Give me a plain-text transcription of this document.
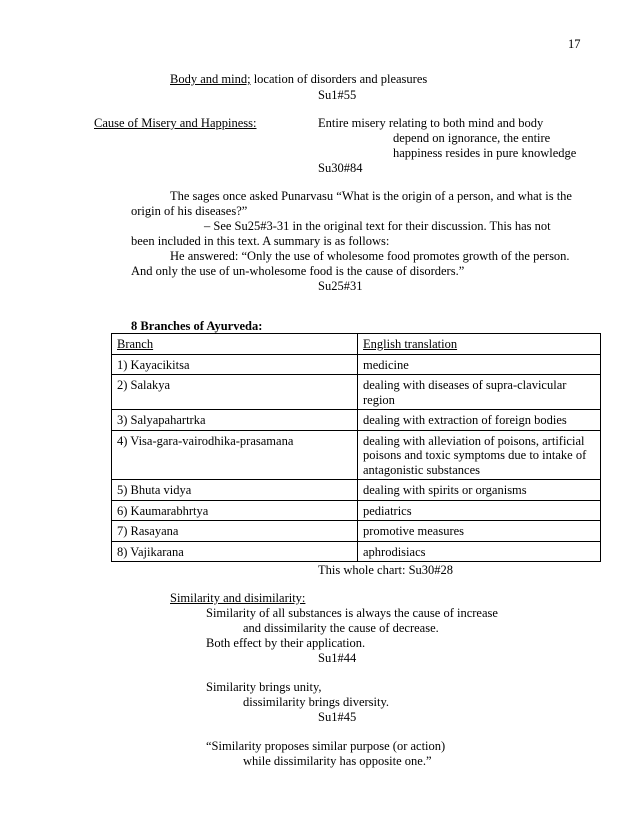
17
Body and mind; location of disorders and pleasures
Su1#55
Cause of Misery and Happiness:	Entire misery relating to both mind and body
depend on ignorance, the entire
happiness resides in pure knowledge
Su30#84
The sages once asked Punarvasu “What is the origin of a person, and what is the
origin of his diseases?”
– See Su25#3-31 in the original text for their discussion. This has not
been included in this text. A summary is as follows:
He answered: “Only the use of wholesome food promotes growth of the person.
And only the use of un-wholesome food is the cause of disorders.”
Su25#31
8 Branches of Ayurveda:
Branch	English translation
1) Kayacikitsa	medicine
2) Salakya	dealing with diseases of supra-clavicular region
3) Salyapahartrka	dealing with extraction of foreign bodies
4) Visa-gara-vairodhika-prasamana	dealing with alleviation of poisons, artificial poisons and toxic symptoms due to intake of antagonistic substances
5) Bhuta vidya	dealing with spirits or organisms
6) Kaumarabhrtya	pediatrics
7) Rasayana	promotive measures
8) Vajikarana	aphrodisiacs
This whole chart: Su30#28
Similarity and disimilarity:
Similarity of all substances is always the cause of increase
and dissimilarity the cause of decrease.
Both effect by their application.
Su1#44
Similarity brings unity,
dissimilarity brings diversity.
Su1#45
“Similarity proposes similar purpose (or action)
while dissimilarity has opposite one.”
